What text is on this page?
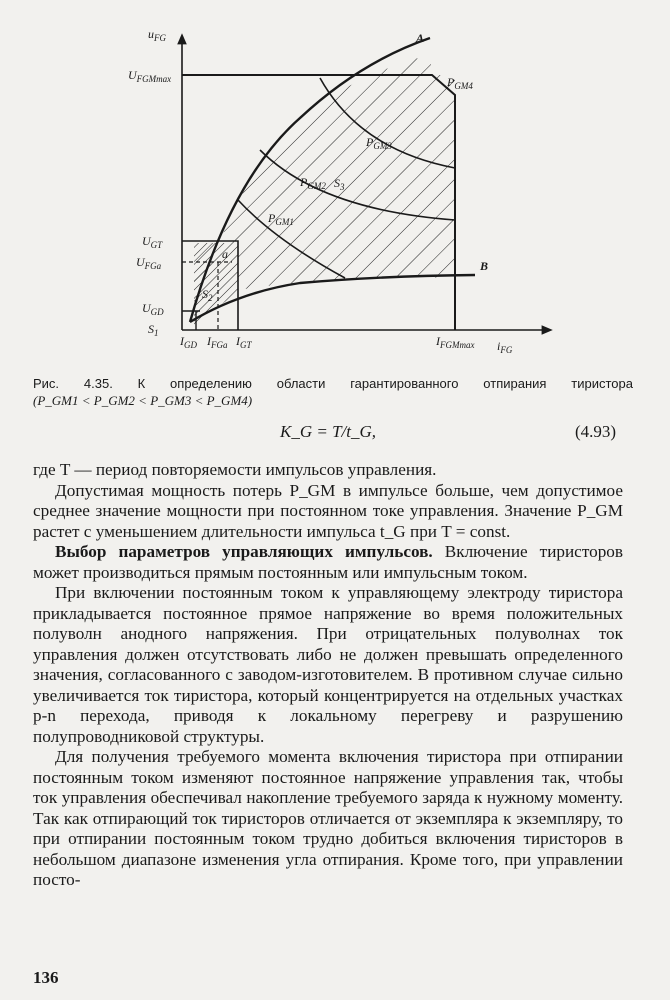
$u_{FG}$
$i_{FG}$
A
B
$U_{FGMmax}$
$U_{GT}$
$U_{FGa}$
$U_{GD}$
$S_1$
$I_{GD}$ $I_{FGa}$ $I_{GT}$	$I_{FGMmax}$
a
$S_2$
$S_3$
$P_{GM1}$
$P_{GM2}$
$P_{GM3}$
$P_{GM4}$
Рис. 4.35. К определению области гарантированного отпирания тиристора
(P_GM1 < P_GM2 < P_GM3 < P_GM4)
K_G = T/t_G,	(4.93)

где T — период повторяемости импульсов управления.

Допустимая мощность потерь P_GM в импульсе больше, чем допустимое среднее значение мощности при постоянном токе управления. Значение P_GM растет с уменьшением длительности импульса t_G при T = const.

Выбор параметров управляющих импульсов. Включение тиристоров может производиться прямым постоянным или импульсным током.

При включении постоянным током к управляющему электроду тиристора прикладывается постоянное прямое напряжение во время положительных полуволн анодного напряжения. При отрицательных полуволнах ток управления должен отсутствовать либо не должен превышать определенного значения, согласованного с заводом-изготовителем. В противном случае сильно увеличивается ток тиристора, который концентрируется на отдельных участках p-n перехода, приводя к локальному перегреву и разрушению полупроводниковой структуры.

Для получения требуемого момента включения тиристора при отпирании постоянным током изменяют постоянное напряжение управления так, чтобы ток управления обеспечивал накопление требуемого заряда к нужному моменту. Так как отпирающий ток тиристоров отличается от экземпляра к экземпляру, то при отпирании постоянным током трудно добиться включения тиристоров в небольшом диапазоне изменения угла отпирания. Кроме того, при управлении посто-

136
